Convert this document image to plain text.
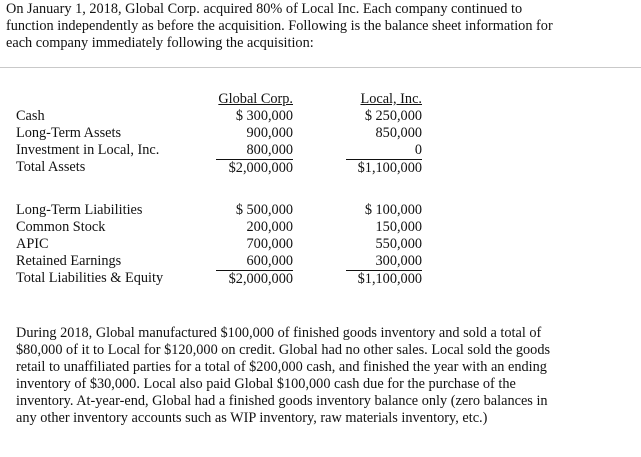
On January 1, 2018, Global Corp. acquired 80% of Local Inc. Each company continued to
function independently as before the acquisition. Following is the balance sheet information for
each company immediately following the acquisition:
Cash
Long-Term Assets
Investment in Local, Inc.
Total Assets
Global Corp.
$ 300,000
900,000
800,000
$2,000,000
Local, Inc.
$ 250,000
850,000
0
$1,100,000
Long-Term Liabilities
Common Stock
APIC
Retained Earnings
Total Liabilities & Equity
$ 500,000
200,000
700,000
600,000
$2,000,000
$ 100,000
150,000
550,000
300,000
$1,100,000
During 2018, Global manufactured $100,000 of finished goods inventory and sold a total of
$80,000 of it to Local for $120,000 on credit. Global had no other sales. Local sold the goods
retail to unaffiliated parties for a total of $200,000 cash, and finished the year with an ending
inventory of $30,000. Local also paid Global $100,000 cash due for the purchase of the
inventory. At-year-end, Global had a finished goods inventory balance only (zero balances in
any other inventory accounts such as WIP inventory, raw materials inventory, etc.)
